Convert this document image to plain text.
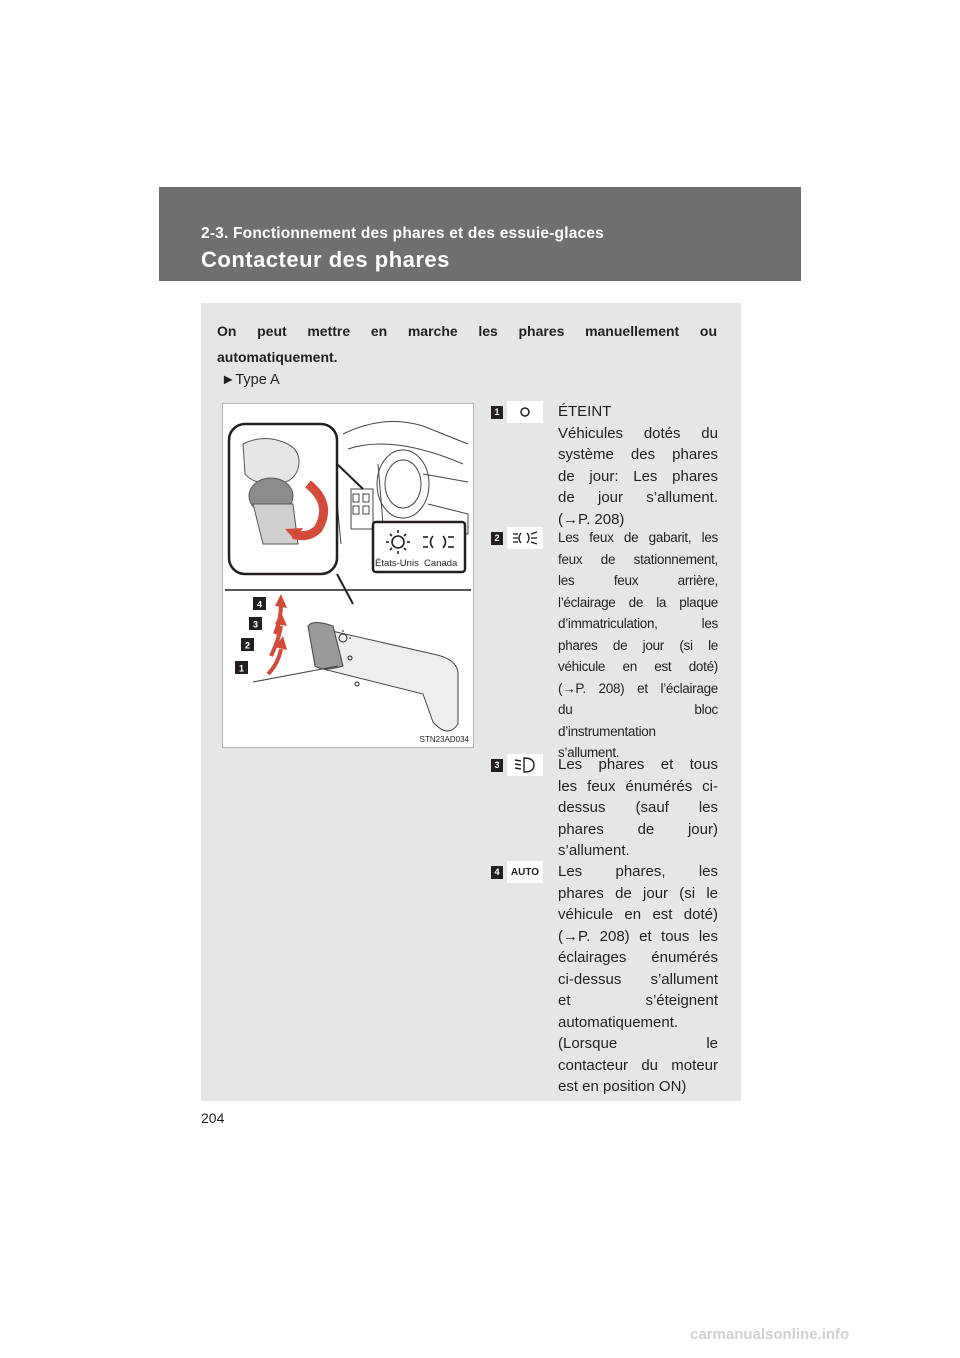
2-3. Fonctionnement des phares et des essuie-glaces
Contacteur des phares
On peut mettre en marche les phares manuellement ou
automatiquement.
►Type A
États-Unis Canada
4
3
2
1
STN23AD034
1	ÉTEINT
Véhicules dotés du
système des phares
de jour: Les phares
de jour s’allument.
(→P. 208)
2	Les feux de gabarit, les
feux de stationnement,
les feux arrière,
l’éclairage de la plaque
d’immatriculation, les
phares de jour (si le
véhicule en est doté)
(→P. 208) et l’éclairage
du bloc
d’instrumentation
s’allument.
3	Les phares et tous
les feux énumérés ci-
dessus (sauf les
phares de jour)
s’allument.
4	AUTO Les phares, les
phares de jour (si le
véhicule en est doté)
(→P. 208) et tous les
éclairages énumérés
ci-dessus s’allument
et s’éteignent
automatiquement.
(Lorsque le
contacteur du moteur
est en position ON)
204
carmanualsonline.info
